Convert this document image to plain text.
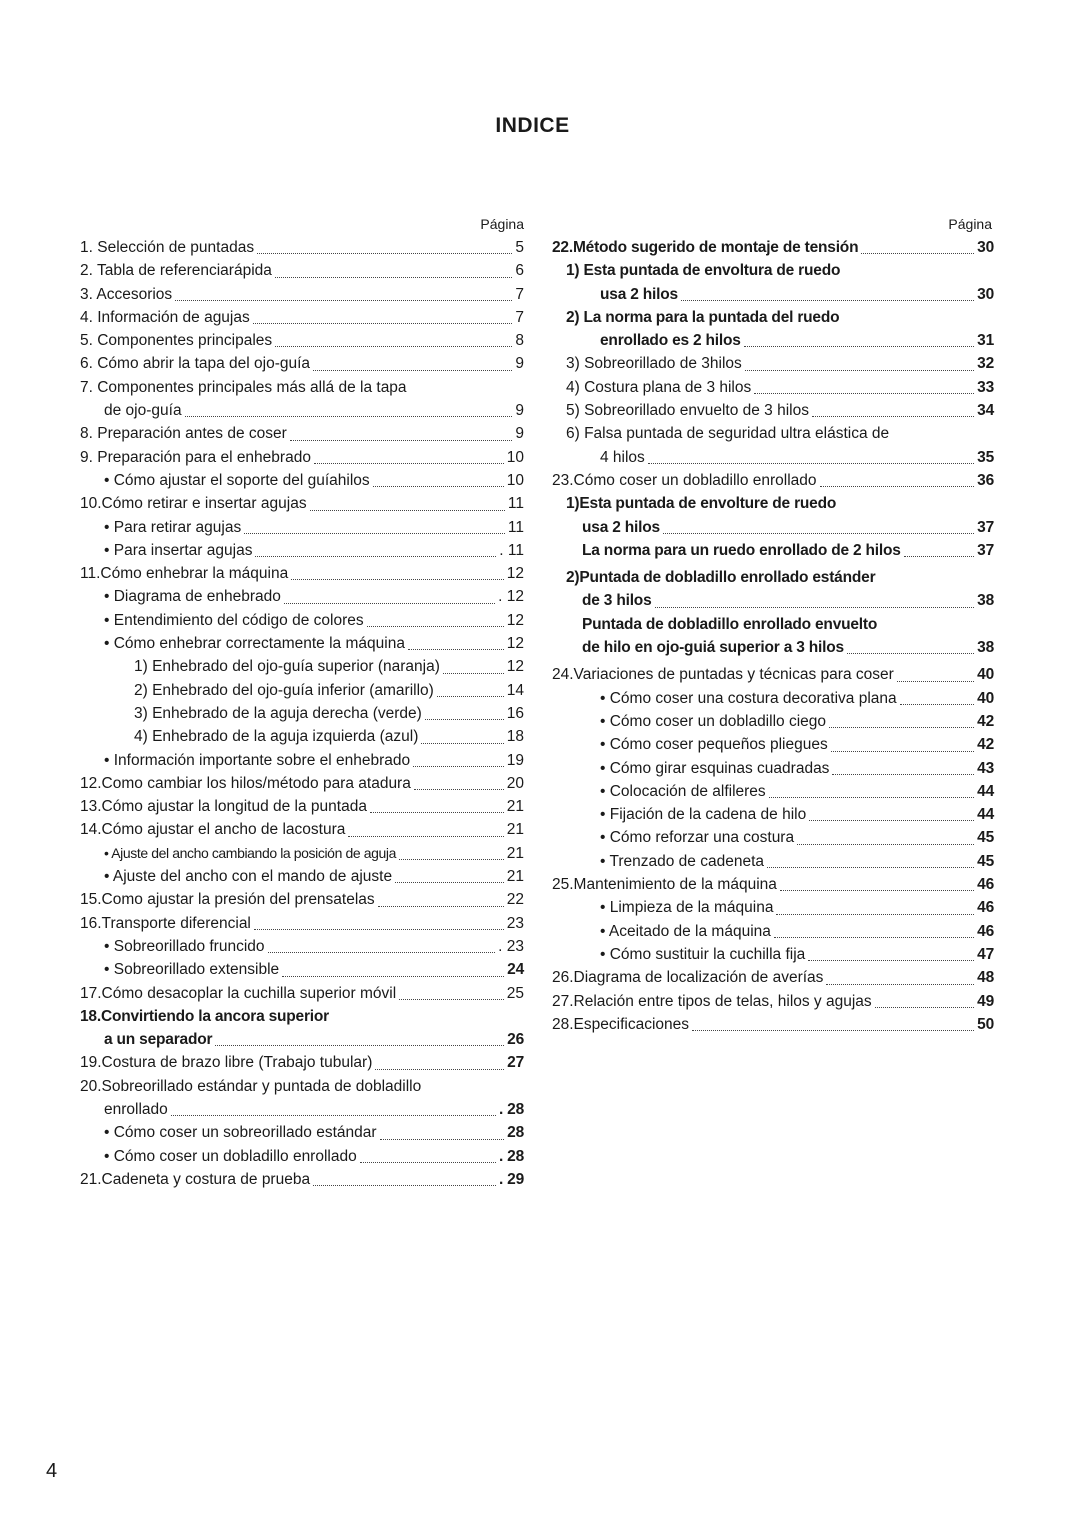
INDICE
Página
1. Selección de puntadas	5
2. Tabla de referenciarápida	6
3. Accesorios	7
4. Información de agujas	7
5. Componentes principales	8
6. Cómo abrir la tapa del ojo-guía	9
7. Componentes principales más allá de la tapa
de ojo-guía	9
8. Preparación antes de coser	9
9. Preparación para el enhebrado	10
• Cómo ajustar el soporte del guíahilos	10
10.Cómo retirar e insertar agujas	11
• Para retirar agujas	11
• Para insertar agujas	. 11
11.Cómo enhebrar la máquina	12
• Diagrama de enhebrado	. 12
• Entendimiento del código de colores	12
• Cómo enhebrar correctamente la máquina	12
1) Enhebrado del ojo-guía superior (naranja)	12
2) Enhebrado del ojo-guía inferior (amarillo)	14
3) Enhebrado de la aguja derecha (verde)	16
4) Enhebrado de la aguja izquierda (azul)	18
• Información importante sobre el enhebrado	19
12.Como cambiar los hilos/método para atadura	20
13.Cómo ajustar la longitud de la puntada	21
14.Cómo ajustar el ancho de lacostura	21
• Ajuste del ancho cambiando la posición de aguja	21
• Ajuste del ancho con el mando de ajuste	21
15.Como ajustar la presión del prensatelas	22
16.Transporte diferencial	23
• Sobreorillado fruncido	. 23
• Sobreorillado extensible	24
17.Cómo desacoplar la cuchilla superior móvil	25
18.Convirtiendo la ancora superior
a un separador	26
19.Costura de brazo libre (Trabajo tubular)	27
20.Sobreorillado estándar y puntada de dobladillo
enrollado	. 28
• Cómo coser un sobreorillado estándar	28
• Cómo coser un dobladillo enrollado	. 28
21.Cadeneta y costura de prueba	. 29
Página
22.Método sugerido de montaje de tensión	30
1) Esta puntada de envoltura de ruedo
usa 2 hilos	30
2) La norma para la puntada del ruedo
enrollado es 2 hilos	31
3) Sobreorillado de 3hilos	32
4) Costura plana de 3 hilos	33
5) Sobreorillado envuelto de 3 hilos	34
6) Falsa puntada de seguridad ultra elástica de
4 hilos	35
23.Cómo coser un dobladillo enrollado	36
1)Esta puntada de envolture de ruedo
usa 2 hilos	37
La norma para un ruedo enrollado de 2 hilos	37
2)Puntada de dobladillo enrollado estánder
de 3 hilos	38
Puntada de dobladillo enrollado envuelto
de hilo en ojo-guiá superior a 3 hilos	38
24.Variaciones de puntadas y técnicas para coser	40
• Cómo coser una costura decorativa plana	40
• Cómo coser un dobladillo ciego	42
• Cómo coser pequeños pliegues	42
• Cómo girar esquinas cuadradas	43
• Colocación de alfileres	44
• Fijación de la cadena de hilo	44
• Cómo reforzar una costura	45
• Trenzado de cadeneta	45
25.Mantenimiento de la máquina	46
• Limpieza de la máquina	46
• Aceitado de la máquina	46
• Cómo sustituir la cuchilla fija	47
26.Diagrama de localización de averías	48
27.Relación entre tipos de telas, hilos y agujas	49
28.Especificaciones	50
4
